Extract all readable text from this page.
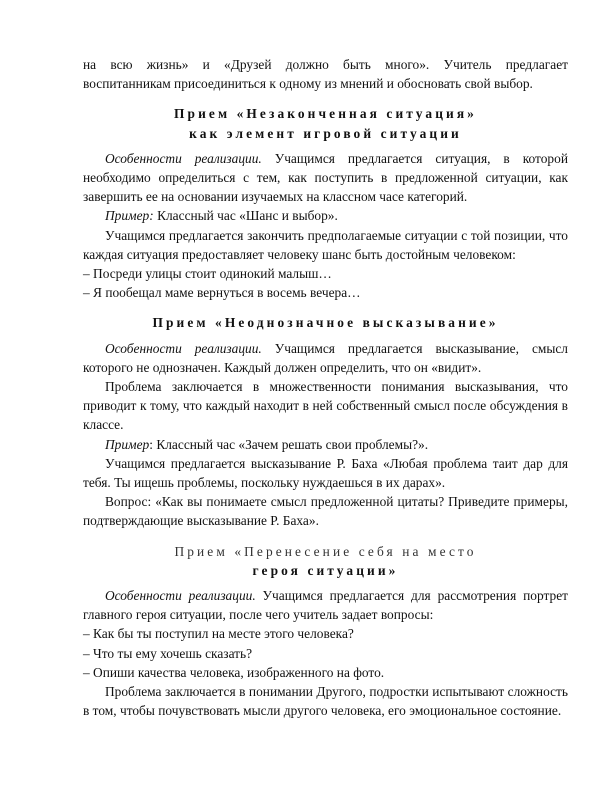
на всю жизнь» и «Друзей должно быть много». Учитель предлагает

воспитанникам присоединиться к одному из мнений и обосновать свой выбор.

Прием «Незаконченная ситуация»

как элемент игровой ситуации

Особенности реализации. Учащимся предлагается ситуация, в которой необходимо определиться с тем, как поступить в предложенной ситуации, как завершить ее на основании изучаемых на классном часе категорий.

Пример: Классный час «Шанс и выбор».

Учащимся предлагается закончить предполагаемые ситуации с той позиции, что каждая ситуация предоставляет человеку шанс быть достойным человеком:

– Посреди улицы стоит одинокий малыш…

– Я пообещал маме вернуться в восемь вечера…

Прием «Неоднозначное высказывание»

Особенности реализации. Учащимся предлагается высказывание, смысл которого не однозначен. Каждый должен определить, что он «видит».

Проблема заключается в множественности понимания высказывания, что приводит к тому, что каждый находит в ней собственный смысл после обсуждения в классе.

Пример: Классный час «Зачем решать свои проблемы?».

Учащимся предлагается высказывание Р. Баха «Любая проблема таит дар для тебя. Ты ищешь проблемы, поскольку нуждаешься в их дарах».

Вопрос: «Как вы понимаете смысл предложенной цитаты? Приведите примеры, подтверждающие высказывание Р. Баха».

Прием «Перенесение себя на место

героя ситуации»

Особенности реализации. Учащимся предлагается для рассмотрения портрет главного героя ситуации, после чего учитель задает вопросы:

– Как бы ты поступил на месте этого человека?

– Что ты ему хочешь сказать?

– Опиши качества человека, изображенного на фото.

Проблема заключается в понимании Другого, подростки испытывают сложность в том, чтобы почувствовать мысли другого человека, его эмоциональное состояние.
